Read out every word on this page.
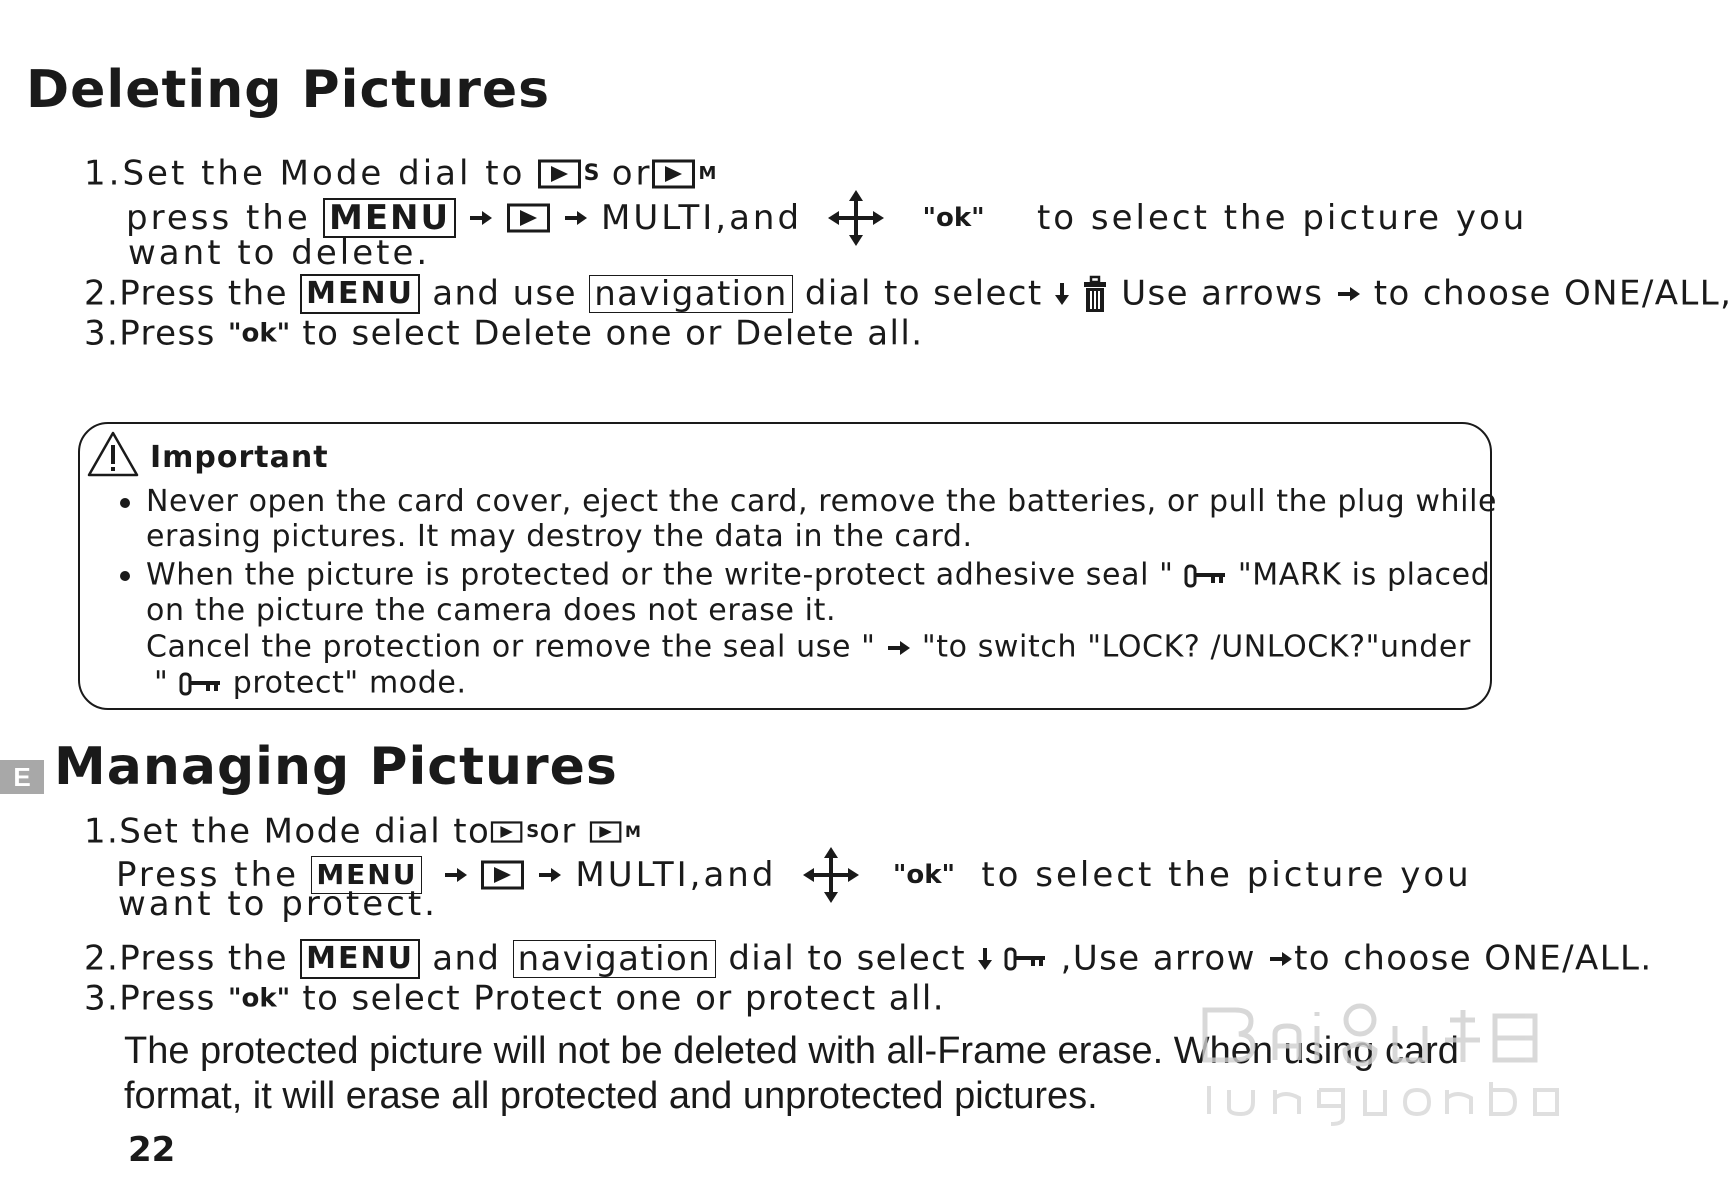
Deleting Pictures
1.Set the Mode dial to	S or	M
press the MENU	MULTI,and	"ok" to select the picture you
want to delete.
2.Press the MENU and use navigation dial to select Use arrows to choose ONE/ALL,
3.Press "ok" to select Delete one or Delete all.
Important
Never open the card cover, eject the card, remove the batteries, or pull the plug while
erasing pictures. It may destroy the data in the card.
When the picture is protected or the write-protect adhesive seal " "MARK is placed
on the picture the camera does not erase it.
Cancel the protection or remove the seal use " "to switch "LOCK? /UNLOCK?"under
" protect" mode.
E Managing Pictures
1.Set the Mode dial to Sor	M
Press the MENU	MULTI,and	"ok" to select the picture you
want to protect.
2.Press the MENU and navigation dial to select	,Use arrow to choose ONE/ALL.
3.Press "ok" to select Protect one or protect all.
The protected picture will not be deleted with all-Frame erase. When using card
format, it will erase all protected and unprotected pictures.
22
